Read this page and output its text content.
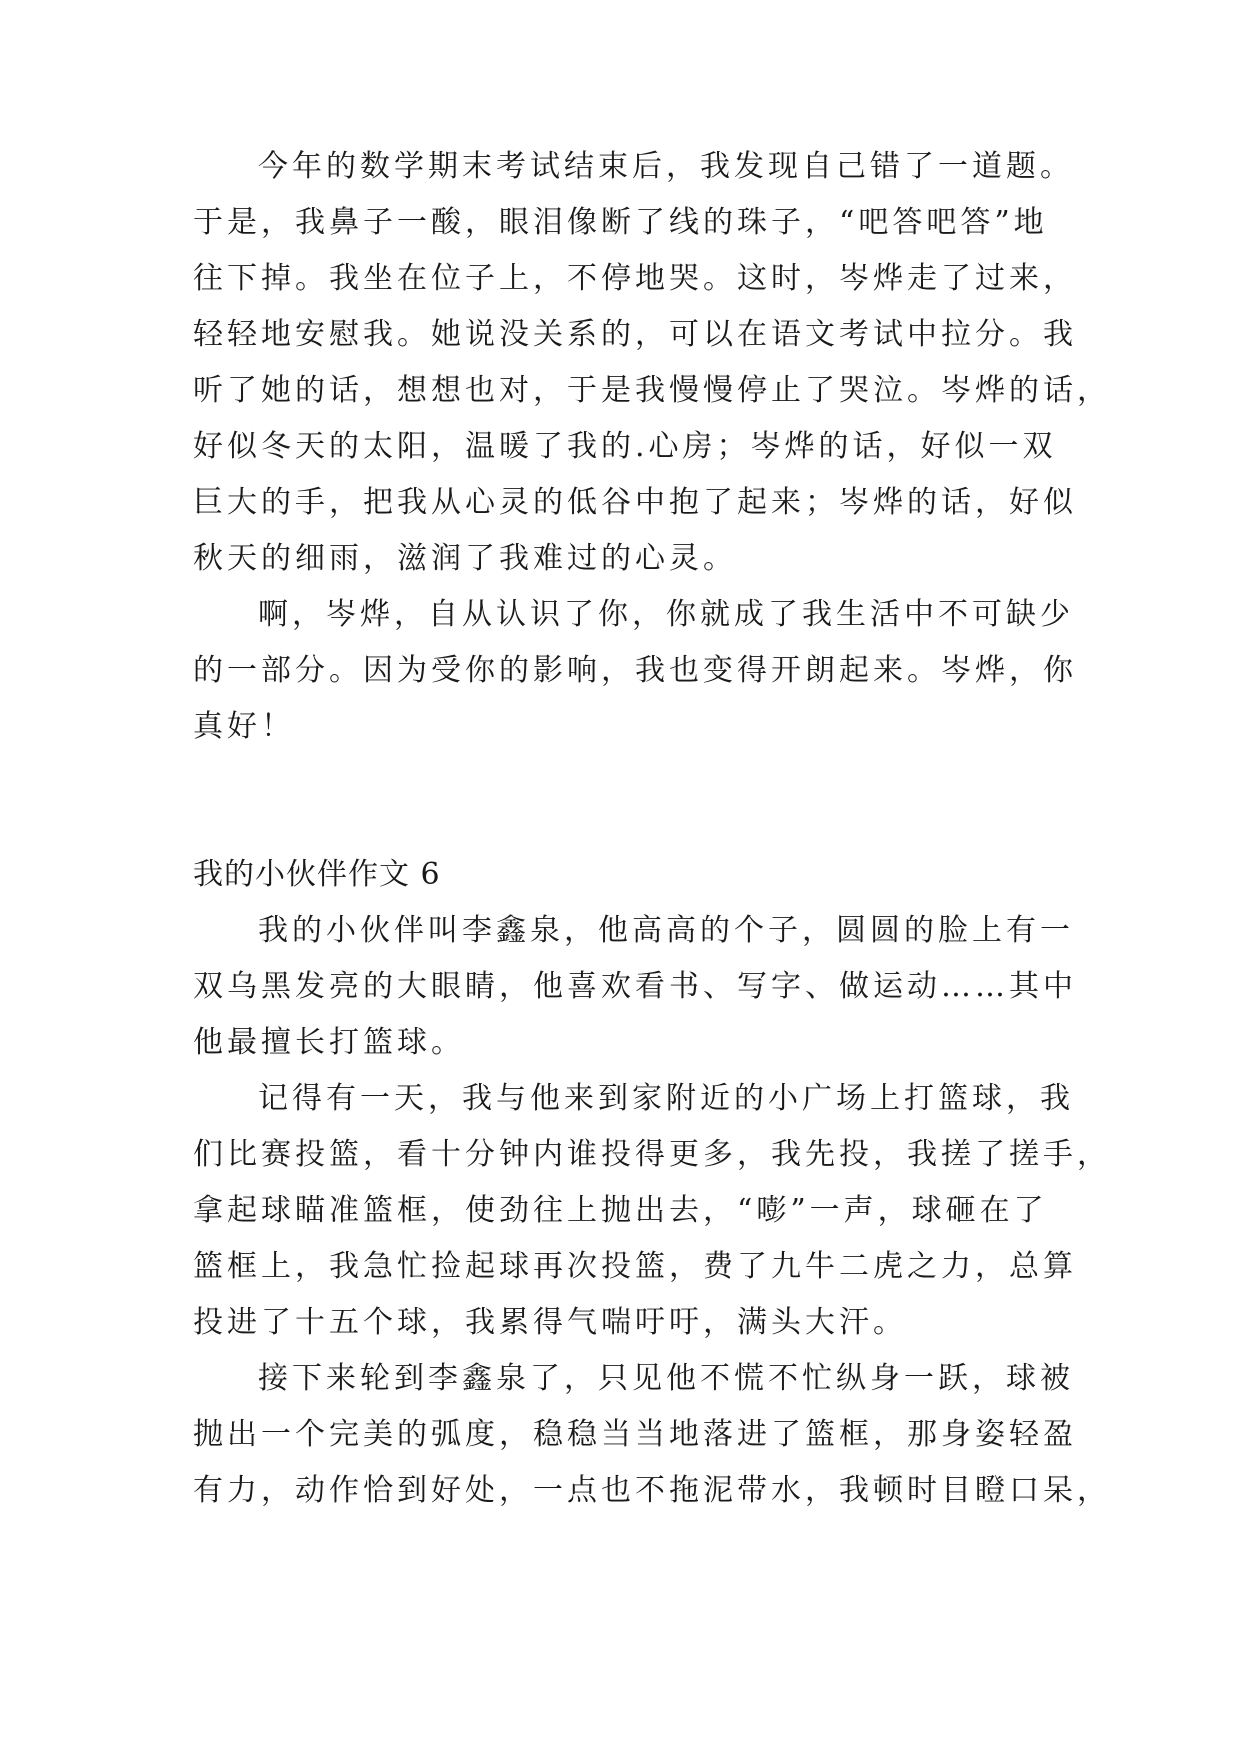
今年的数学期末考试结束后，我发现自己错了一道题。
于是，我鼻子一酸，眼泪像断了线的珠子，“吧答吧答”地
往下掉。我坐在位子上，不停地哭。这时，岑烨走了过来，
轻轻地安慰我。她说没关系的，可以在语文考试中拉分。我
听了她的话，想想也对，于是我慢慢停止了哭泣。岑烨的话，
好似冬天的太阳，温暖了我的.心房；岑烨的话，好似一双
巨大的手，把我从心灵的低谷中抱了起来；岑烨的话，好似
秋天的细雨，滋润了我难过的心灵。
啊，岑烨，自从认识了你，你就成了我生活中不可缺少
的一部分。因为受你的影响，我也变得开朗起来。岑烨，你
真好！
我的小伙伴作文 6
我的小伙伴叫李鑫泉，他高高的个子，圆圆的脸上有一
双乌黑发亮的大眼睛，他喜欢看书、写字、做运动……其中
他最擅长打篮球。
记得有一天，我与他来到家附近的小广场上打篮球，我
们比赛投篮，看十分钟内谁投得更多，我先投，我搓了搓手，
拿起球瞄准篮框，使劲往上抛出去，“嘭”一声，球砸在了
篮框上，我急忙捡起球再次投篮，费了九牛二虎之力，总算
投进了十五个球，我累得气喘吁吁，满头大汗。
接下来轮到李鑫泉了，只见他不慌不忙纵身一跃，球被
抛出一个完美的弧度，稳稳当当地落进了篮框，那身姿轻盈
有力，动作恰到好处，一点也不拖泥带水，我顿时目瞪口呆，
